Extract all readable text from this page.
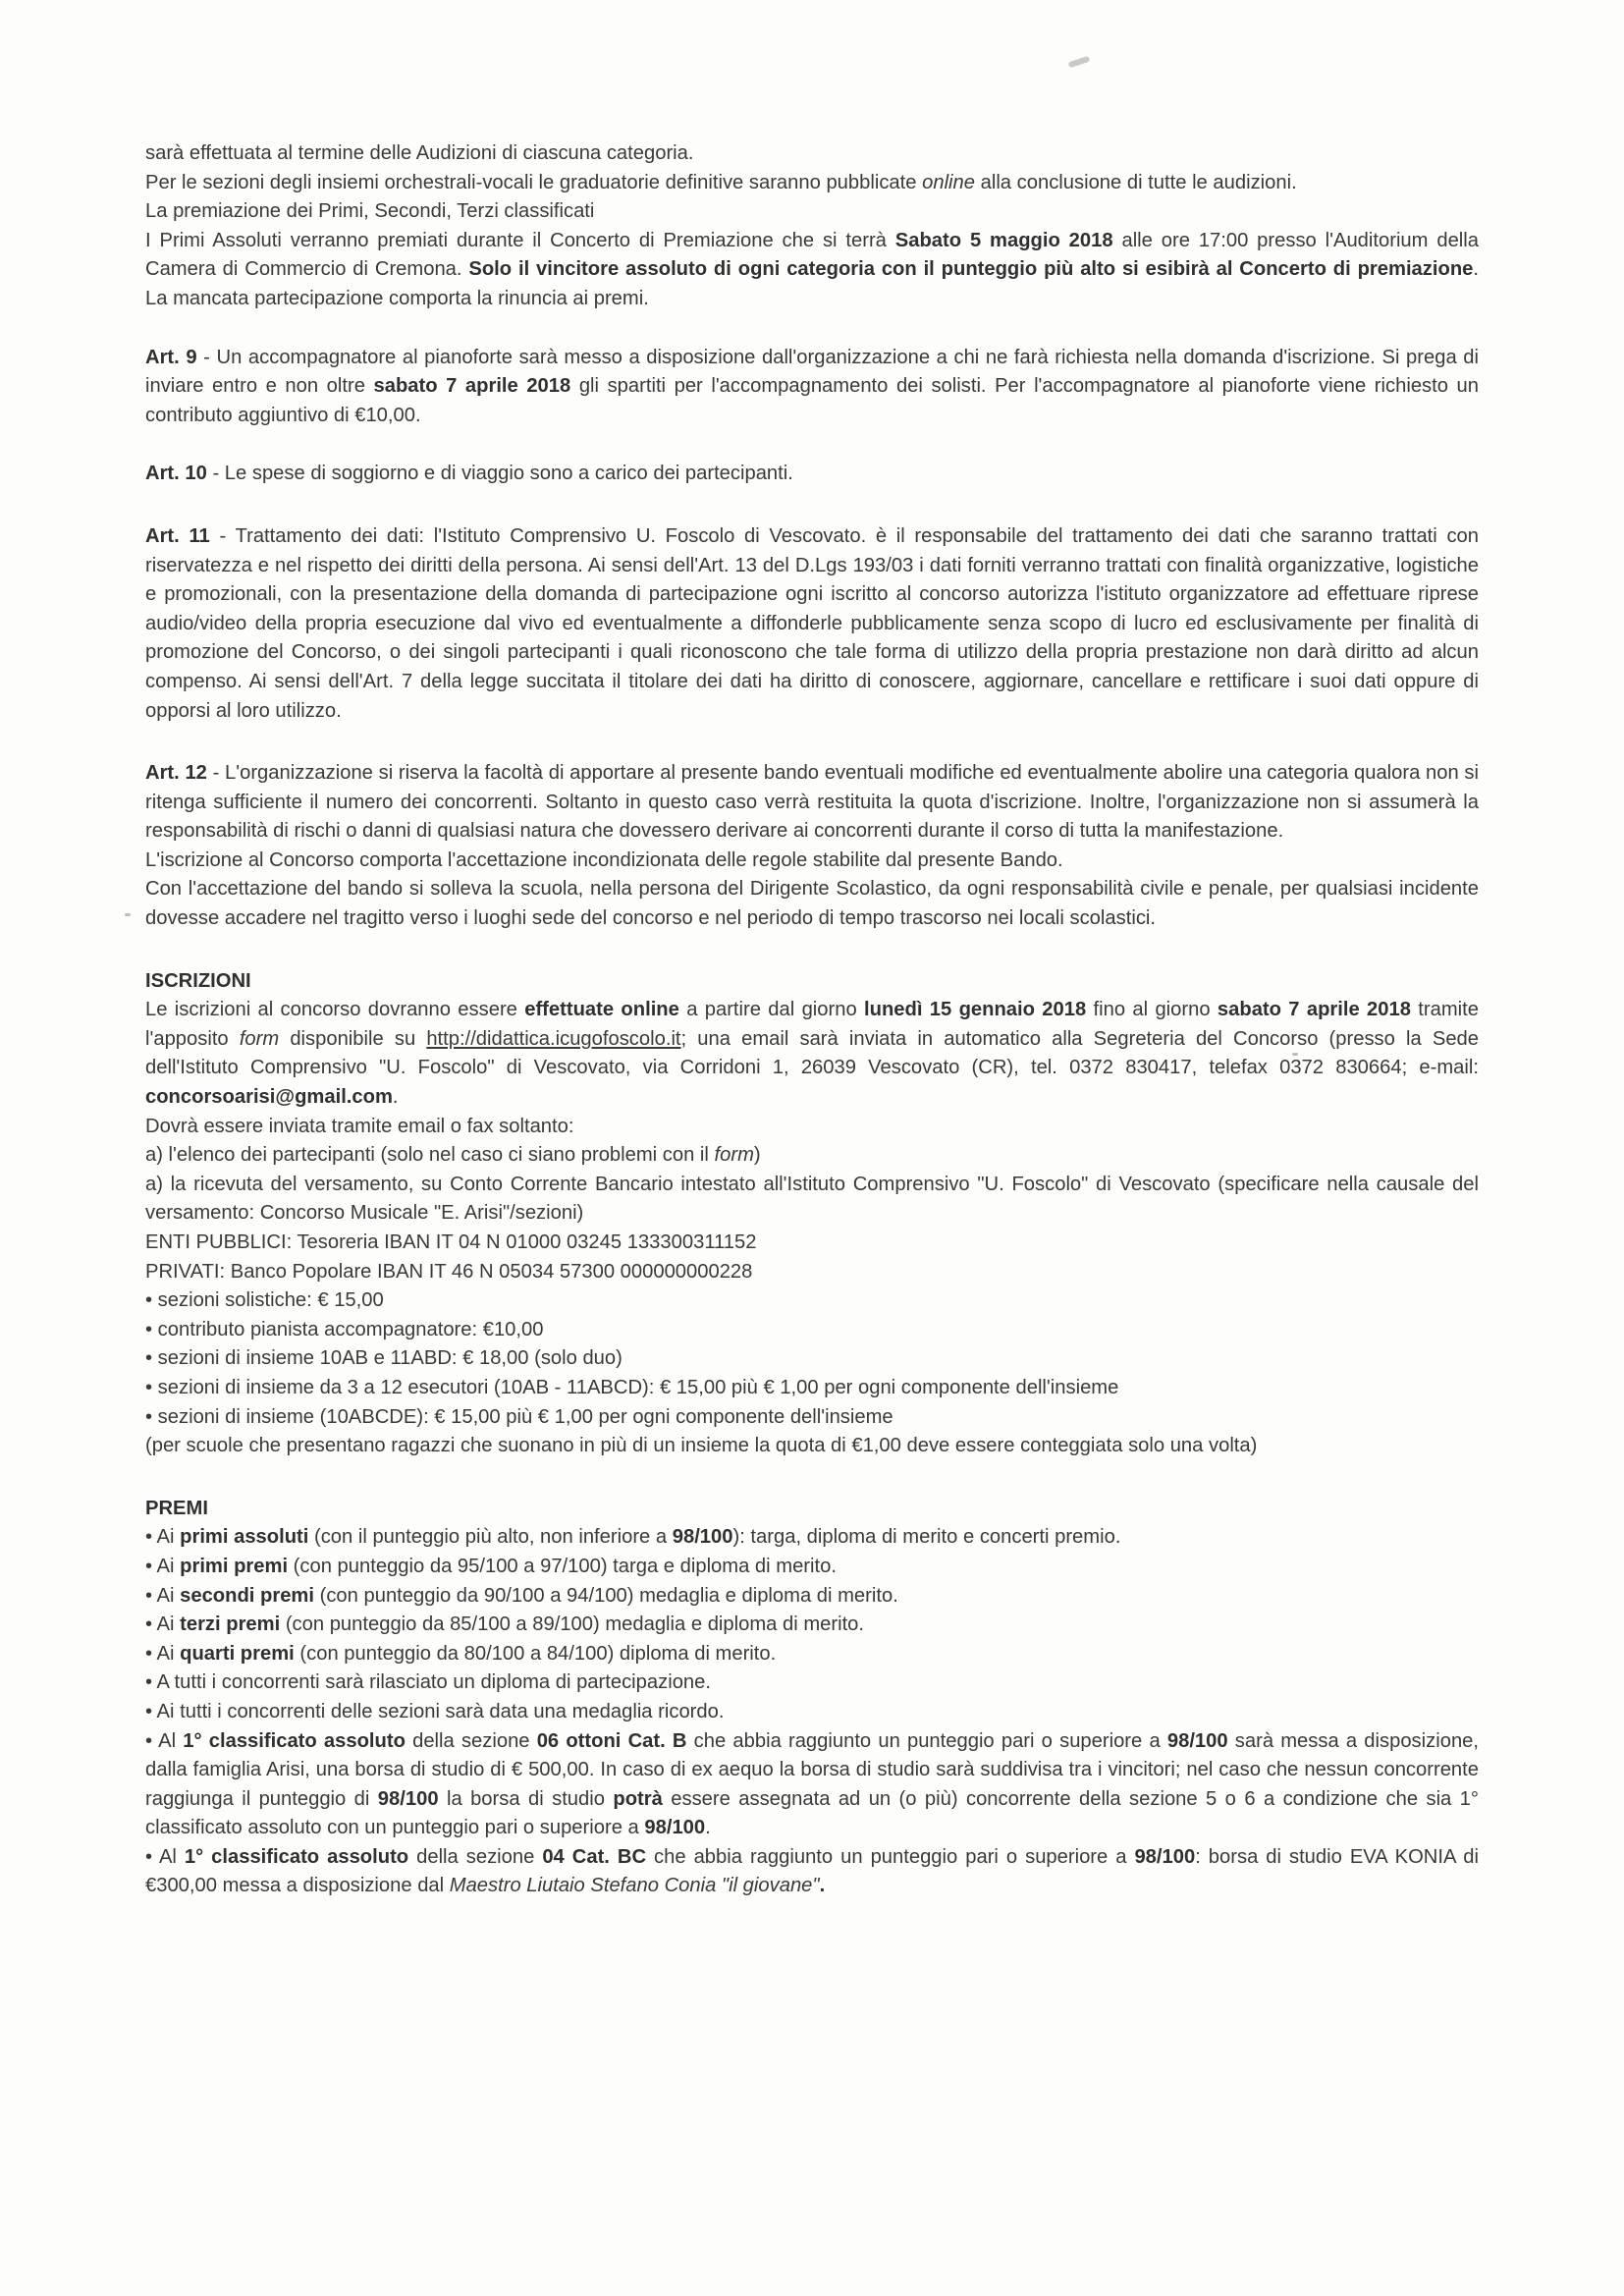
sarà effettuata al termine delle Audizioni di ciascuna categoria.

Per le sezioni degli insiemi orchestrali-vocali le graduatorie definitive saranno pubblicate online alla conclusione di tutte le audizioni.

La premiazione dei Primi, Secondi, Terzi classificati

I Primi Assoluti verranno premiati durante il Concerto di Premiazione che si terrà Sabato 5 maggio 2018 alle ore 17:00 presso l'Auditorium della Camera di Commercio di Cremona. Solo il vincitore assoluto di ogni categoria con il punteggio più alto si esibirà al Concerto di premiazione. La mancata partecipazione comporta la rinuncia ai premi.

Art. 9 - Un accompagnatore al pianoforte sarà messo a disposizione dall'organizzazione a chi ne farà richiesta nella domanda d'iscrizione. Si prega di inviare entro e non oltre sabato 7 aprile 2018 gli spartiti per l'accompagnamento dei solisti. Per l'accompagnatore al pianoforte viene richiesto un contributo aggiuntivo di €10,00.

Art. 10 - Le spese di soggiorno e di viaggio sono a carico dei partecipanti.

Art. 11 - Trattamento dei dati: l'Istituto Comprensivo U. Foscolo di Vescovato. è il responsabile del trattamento dei dati che saranno trattati con riservatezza e nel rispetto dei diritti della persona. Ai sensi dell'Art. 13 del D.Lgs 193/03 i dati forniti verranno trattati con finalità organizzative, logistiche e promozionali, con la presentazione della domanda di partecipazione ogni iscritto al concorso autorizza l'istituto organizzatore ad effettuare riprese audio/video della propria esecuzione dal vivo ed eventualmente a diffonderle pubblicamente senza scopo di lucro ed esclusivamente per finalità di promozione del Concorso, o dei singoli partecipanti i quali riconoscono che tale forma di utilizzo della propria prestazione non darà diritto ad alcun compenso. Ai sensi dell'Art. 7 della legge succitata il titolare dei dati ha diritto di conoscere, aggiornare, cancellare e rettificare i suoi dati oppure di opporsi al loro utilizzo.

Art. 12 - L'organizzazione si riserva la facoltà di apportare al presente bando eventuali modifiche ed eventualmente abolire una categoria qualora non si ritenga sufficiente il numero dei concorrenti. Soltanto in questo caso verrà restituita la quota d'iscrizione. Inoltre, l'organizzazione non si assumerà la responsabilità di rischi o danni di qualsiasi natura che dovessero derivare ai concorrenti durante il corso di tutta la manifestazione.

L'iscrizione al Concorso comporta l'accettazione incondizionata delle regole stabilite dal presente Bando.

Con l'accettazione del bando si solleva la scuola, nella persona del Dirigente Scolastico, da ogni responsabilità civile e penale, per qualsiasi incidente dovesse accadere nel tragitto verso i luoghi sede del concorso e nel periodo di tempo trascorso nei locali scolastici.

ISCRIZIONI

Le iscrizioni al concorso dovranno essere effettuate online a partire dal giorno lunedì 15 gennaio 2018 fino al giorno sabato 7 aprile 2018 tramite l'apposito form disponibile su http://didattica.icugofoscolo.it; una email sarà inviata in automatico alla Segreteria del Concorso (presso la Sede dell'Istituto Comprensivo "U. Foscolo" di Vescovato, via Corridoni 1, 26039 Vescovato (CR), tel. 0372 830417, telefax 0372 830664; e-mail: concorsoarisi@gmail.com.

Dovrà essere inviata tramite email o fax soltanto:

a) l'elenco dei partecipanti (solo nel caso ci siano problemi con il form)

a) la ricevuta del versamento, su Conto Corrente Bancario intestato all'Istituto Comprensivo "U. Foscolo" di Vescovato (specificare nella causale del versamento: Concorso Musicale "E. Arisi"/sezioni)

ENTI PUBBLICI: Tesoreria IBAN IT 04 N 01000 03245 133300311152

PRIVATI: Banco Popolare IBAN IT 46 N 05034 57300 000000000228

• sezioni solistiche: € 15,00

• contributo pianista accompagnatore: €10,00

• sezioni di insieme 10AB e 11ABD: € 18,00 (solo duo)

• sezioni di insieme da 3 a 12 esecutori (10AB - 11ABCD): € 15,00 più € 1,00 per ogni componente dell'insieme

• sezioni di insieme (10ABCDE): € 15,00 più € 1,00 per ogni componente dell'insieme

(per scuole che presentano ragazzi che suonano in più di un insieme la quota di €1,00 deve essere conteggiata solo una volta)

PREMI

• Ai primi assoluti (con il punteggio più alto, non inferiore a 98/100): targa, diploma di merito e concerti premio.

• Ai primi premi (con punteggio da 95/100 a 97/100) targa e diploma di merito.

• Ai secondi premi (con punteggio da 90/100 a 94/100) medaglia e diploma di merito.

• Ai terzi premi (con punteggio da 85/100 a 89/100) medaglia e diploma di merito.

• Ai quarti premi (con punteggio da 80/100 a 84/100) diploma di merito.

• A tutti i concorrenti sarà rilasciato un diploma di partecipazione.

• Ai tutti i concorrenti delle sezioni sarà data una medaglia ricordo.

• Al 1° classificato assoluto della sezione 06 ottoni Cat. B che abbia raggiunto un punteggio pari o superiore a 98/100 sarà messa a disposizione, dalla famiglia Arisi, una borsa di studio di € 500,00. In caso di ex aequo la borsa di studio sarà suddivisa tra i vincitori; nel caso che nessun concorrente raggiunga il punteggio di 98/100 la borsa di studio potrà essere assegnata ad un (o più) concorrente della sezione 5 o 6 a condizione che sia 1° classificato assoluto con un punteggio pari o superiore a 98/100.

• Al 1° classificato assoluto della sezione 04 Cat. BC che abbia raggiunto un punteggio pari o superiore a 98/100: borsa di studio EVA KONIA di €300,00 messa a disposizione dal Maestro Liutaio Stefano Conia "il giovane".
